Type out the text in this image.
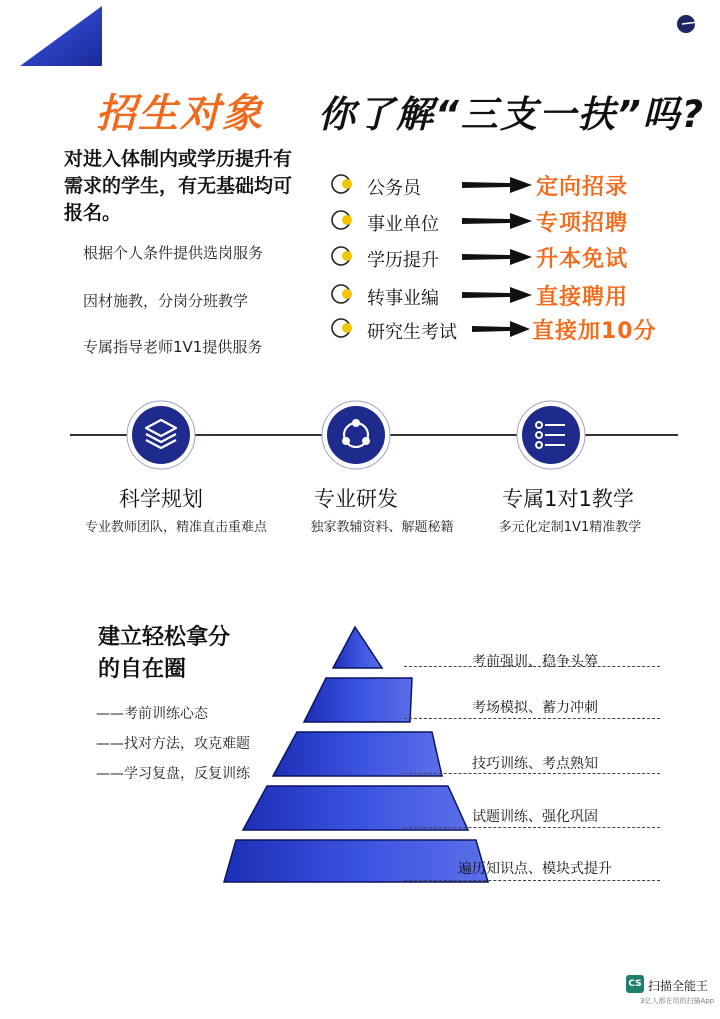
招生对象 你了解“三支一扶”吗?
对进入体制内或学历提升有需求的学生，有无基础均可报名。
根据个人条件提供选岗服务
因材施教，分岗分班教学
专属指导老师1V1提供服务
公务员	定向招录
事业单位	专项招聘
学历提升	升本免试
转事业编	直接聘用
研究生考试	直接加10分
科学规划
专业教师团队，精准直击重难点
专业研发
独家教辅资料、解题秘籍
专属1对1教学
多元化定制1V1精准教学
建立轻松拿分
的自在圈
——考前训练心态
——找对方法，攻克难题
——学习复盘，反复训练
考前强训、稳争头筹
考场模拟、蓄力冲刺
技巧训练、考点熟知
试题训练、强化巩固
遍历知识点、模块式提升
CS 扫描全能王
3亿人都在用的扫描App
